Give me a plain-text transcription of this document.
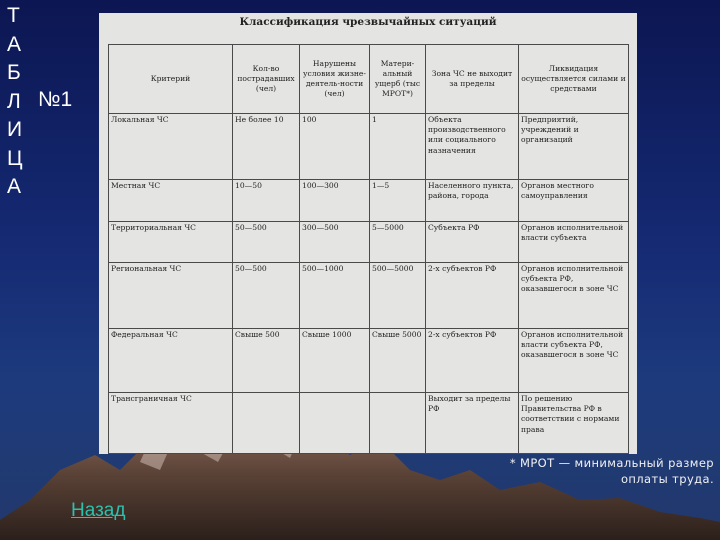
Т
А
Б
Л
И
Ц
А
№1
Классификация чрезвычайных ситуаций
Критерий	Кол-во пострадавших (чел)	Нарушены условия жизне-деятель-ности (чел)	Матери-альный ущерб (тыс МРОТ*)	Зона ЧС не выходит за пределы	Ликвидация осуществляется силами и средствами
Локальная ЧС	Не более 10	100	1	Объекта производственного или социального назначения	Предприятий, учреждений и организаций
Местная ЧС	10—50	100—300	1—5	Населенного пункта, района, города	Органов местного самоуправления
Территориальная ЧС	50—500	300—500	5—5000	Субъекта РФ	Органов исполнительной власти субъекта
Региональная ЧС	50—500	500—1000	500—5000	2-х субъектов РФ	Органов исполнительной субъекта РФ, оказавшегося в зоне ЧС
Федеральная ЧС	Свыше 500	Свыше 1000	Свыше 5000	2-х субъектов РФ	Органов исполнительной власти субъекта РФ, оказавшегося в зоне ЧС
Трансграничная ЧС				Выходит за пределы РФ	По решению Правительства РФ в соответствии с нормами права
* МРОТ — минимальный размер оплаты труда.
Назад
